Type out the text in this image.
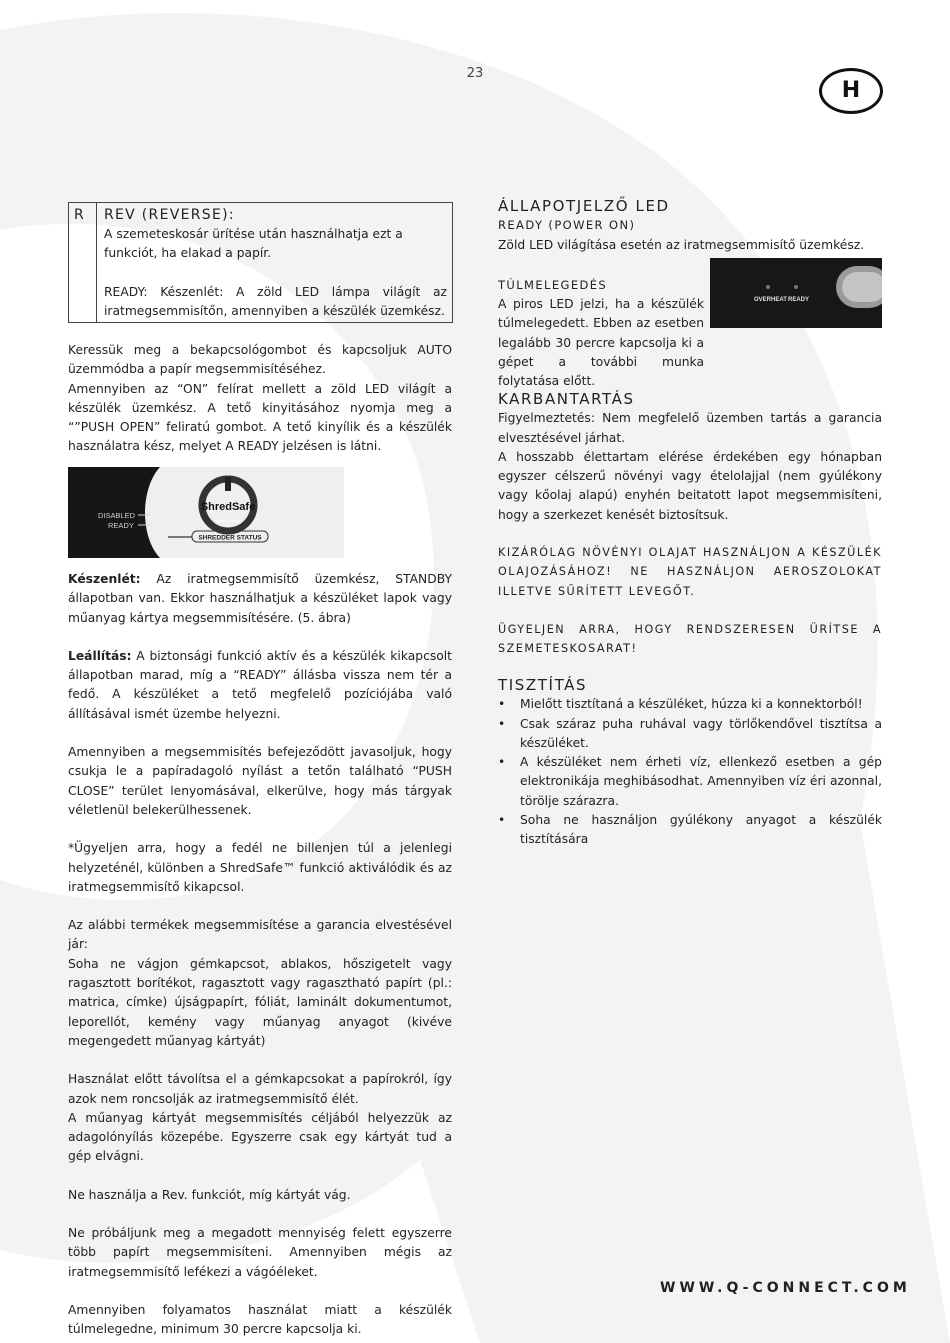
23
H
R REV (REVERSE):
A szemeteskosár ürítése után használhatja ezt a funkciót, ha elakad a papír.
READY: Készenlét: A zöld LED lámpa világít az iratmegsemmisítőn, amennyiben a készülék üzemkész.

Keressük meg a bekapcsológombot és kapcsoljuk AUTO üzemmódba a papír megsemmisítéséhez.

Amennyiben az “ON” felírat mellett a zöld LED világít a készülék üzemkész. A tető kinyitásához nyomja meg a “”PUSH OPEN” feliratú gombot. A tető kinyílik és a készülék használatra kész, melyet A READY jelzésen is látni.

DISABLED
READY	SAFETY SAFE
ShredSafe
SHREDDER STATUS

Készenlét: Az iratmegsemmisítő üzemkész, STANDBY állapotban van. Ekkor használhatjuk a készüléket lapok vagy műanyag kártya megsemmisítésére. (5. ábra)

Leállítás: A biztonsági funkció aktív és a készülék kikapcsolt állapotban marad, míg a “READY” állásba vissza nem tér a fedő. A készüléket a tető megfelelő pozíciójába való állításával ismét üzembe helyezni.

Amennyiben a megsemmisítés befejeződött javasoljuk, hogy csukja le a papíradagoló nyílást a tetőn található “PUSH CLOSE” terület lenyomásával, elkerülve, hogy más tárgyak véletlenül belekerülhessenek.

*Ügyeljen arra, hogy a fedél ne billenjen túl a jelenlegi helyzeténél, különben a ShredSafe™ funkció aktiválódik és az iratmegsemmisítő kikapcsol.

Az alábbi termékek megsemmisítése a garancia elvestésével jár:

Soha ne vágjon gémkapcsot, ablakos, hőszigetelt vagy ragasztott borítékot, ragasztott vagy ragasztható papírt (pl.: matrica, címke) újságpapírt, fóliát, laminált dokumentumot, leporellót, kemény vagy műanyag anyagot (kivéve megengedett műanyag kártyát)

Használat előtt távolítsa el a gémkapcsokat a papírokról, így azok nem roncsolják az iratmegsemmisítő élét.

A műanyag kártyát megsemmisítés céljából helyezzük az adagolónyílás közepébe. Egyszerre csak egy kártyát tud a gép elvágni.

Ne használja a Rev. funkciót, míg kártyát vág.

Ne próbáljunk meg a megadott mennyiség felett egyszerre több papírt megsemmisíteni. Amennyiben mégis az iratmegsemmisítő lefékezi a vágóéleket.

Amennyiben folyamatos használat miatt a készülék túlmelegedne, minimum 30 percre kapcsolja ki.

ÁLLAPOTJELZŐ LED
READY (POWER ON)

Zöld LED világítása esetén az iratmegsemmisítő üzemkész.

TÚLMELEGEDÉS

A piros LED jelzi, ha a készülék túlmelegedett. Ebben az esetben legalább 30 percre kapcsolja ki a gépet a további munka folytatása előtt.

OVERHEAT READY
KARBANTARTÁS

Figyelmeztetés: Nem megfelelő üzemben tartás a garancia elvesztésével járhat.

A hosszabb élettartam elérése érdekében egy hónapban egyszer célszerű növényi vagy ételolajjal (nem gyúlékony vagy kőolaj alapú) enyhén beitatott lapot megsemmisíteni, hogy a szerkezet kenését biztosítsuk.

KIZÁRÓLAG NÖVÉNYI OLAJAT HASZNÁLJON A KÉSZÜLÉK OLAJOZÁSÁHOZ! NE HASZNÁLJON AEROSZOLOKAT ILLETVE SŰRÍTETT LEVEGŐT.
ÜGYELJEN ARRA, HOGY RENDSZERESEN ÜRÍTSE A SZEMETESKOSARAT!
TISZTÍTÁS
• Mielőtt tisztítaná a készüléket, húzza ki a konnektorból!
• Csak száraz puha ruhával vagy törlőkendővel tisztítsa a készüléket.
• A készüléket nem érheti víz, ellenkező esetben a gép elektronikája meghibásodhat. Amennyiben víz éri azonnal, törölje szárazra.
• Soha ne használjon gyúlékony anyagot a készülék tisztítására
WWW.Q-CONNECT.COM
